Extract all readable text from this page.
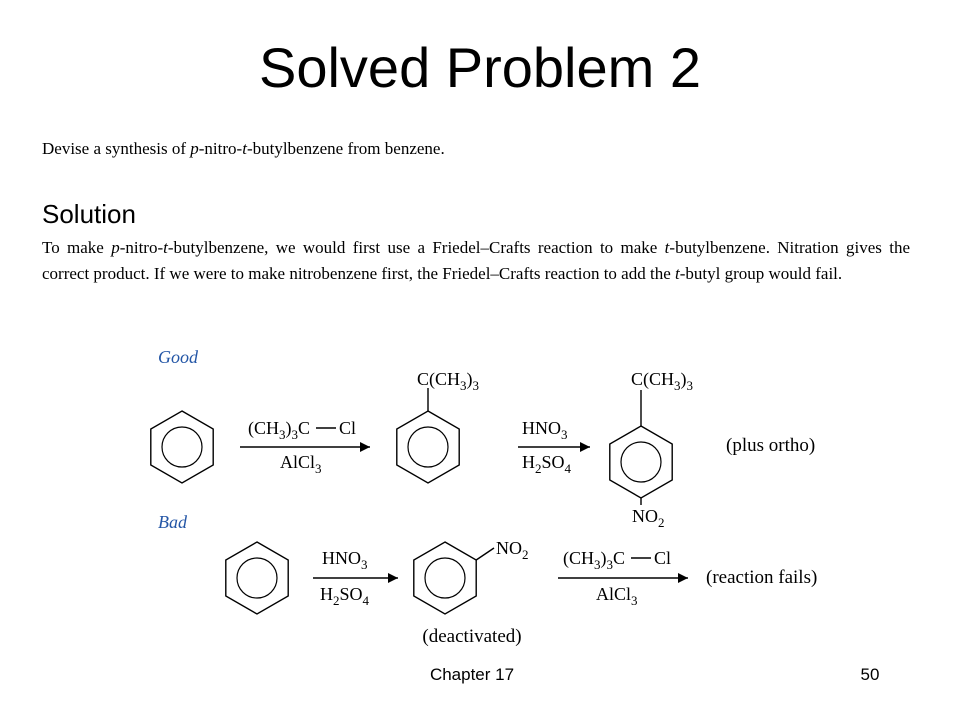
Solved Problem 2

Devise a synthesis of p-nitro-t-butylbenzene from benzene.

Solution

To make p-nitro-t-butylbenzene, we would first use a Friedel–Crafts reaction to make t-butylbenzene. Nitration gives the correct product. If we were to make nitrobenzene first, the Friedel–Crafts reaction to add the t-butyl group would fail.

Good
$(CH_3)_3C$ Cl
AlCl$_3$
$C(CH_3)_3$
$HNO_3$
$H_2SO_4$
$C(CH_3)_3$
$NO_2$
(plus ortho)
Bad
$HNO_3$
$H_2SO_4$
$NO_2$
(deactivated)
$(CH_3)_3C$ Cl
AlCl$_3$
(reaction fails)
Chapter 17	50
